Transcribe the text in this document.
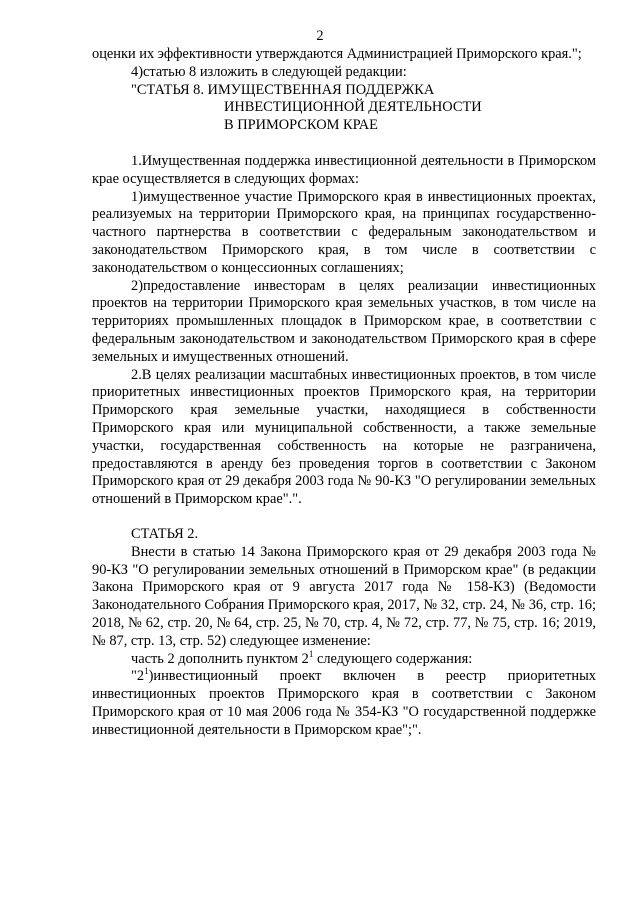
2

оценки их эффективности утверждаются Администрацией Приморского края.";

4)статью 8 изложить в следующей редакции:

"СТАТЬЯ 8. ИМУЩЕСТВЕННАЯ ПОДДЕРЖКА
ИНВЕСТИЦИОННОЙ ДЕЯТЕЛЬНОСТИ
В ПРИМОРСКОМ КРАЕ

1.Имущественная поддержка инвестиционной деятельности в Приморском крае осуществляется в следующих формах:

1)имущественное участие Приморского края в инвестиционных проектах, реализуемых на территории Приморского края, на принципах государственно-частного партнерства в соответствии с федеральным законодательством и законодательством Приморского края, в том числе в соответствии с законодательством о концессионных соглашениях;

2)предоставление инвесторам в целях реализации инвестиционных проектов на территории Приморского края земельных участков, в том числе на территориях промышленных площадок в Приморском крае, в соответствии с федеральным законодательством и законодательством Приморского края в сфере земельных и имущественных отношений.

2.В целях реализации масштабных инвестиционных проектов, в том числе приоритетных инвестиционных проектов Приморского края, на территории Приморского края земельные участки, находящиеся в собственности Приморского края или муниципальной собственности, а также земельные участки, государственная собственность на которые не разграничена, предоставляются в аренду без проведения торгов в соответствии с Законом Приморского края от 29 декабря 2003 года № 90-КЗ "О регулировании земельных отношений в Приморском крае".".

СТАТЬЯ 2.

Внести в статью 14 Закона Приморского края от 29 декабря 2003 года № 90-КЗ "О регулировании земельных отношений в Приморском крае" (в редакции Закона Приморского края от 9 августа 2017 года № 158-КЗ) (Ведомости Законодательного Собрания Приморского края, 2017, № 32, стр. 24, № 36, стр. 16; 2018, № 62, стр. 20, № 64, стр. 25, № 70, стр. 4, № 72, стр. 77, № 75, стр. 16; 2019, № 87, стр. 13, стр. 52) следующее изменение:

часть 2 дополнить пунктом $2^1$ следующего содержания:

"$2^1)инвестиционный$ проект включен в реестр приоритетных инвестиционных проектов Приморского края в соответствии с Законом Приморского края от 10 мая 2006 года № 354-КЗ "О государственной поддержке инвестиционной деятельности в Приморском крае";".
